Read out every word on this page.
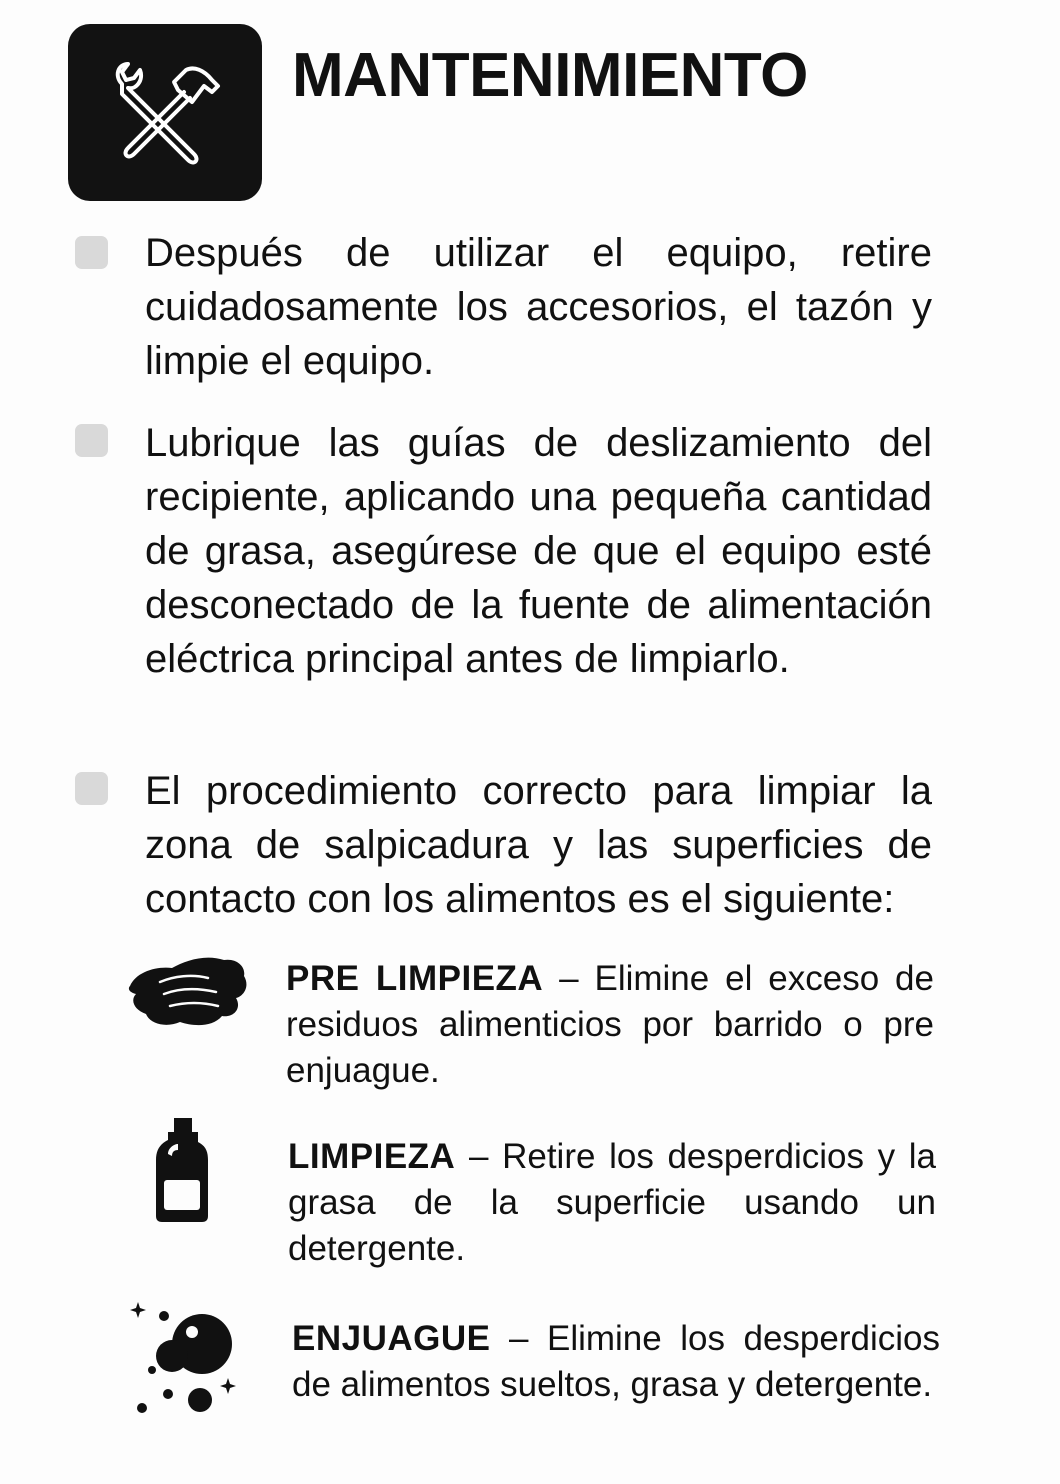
MANTENIMIENTO

Después de utilizar el equipo, retire cuidadosamente los accesorios, el tazón y limpie el equipo.

Lubrique las guías de deslizamiento del recipiente, aplicando una pequeña cantidad de grasa, asegúrese de que el equipo esté desconectado de la fuente de alimentación eléctrica principal antes de limpiarlo.

El procedimiento correcto para limpiar la zona de salpicadura y las superficies de contacto con los alimentos es el siguiente:

PRE LIMPIEZA – Elimine el exceso de residuos alimenticios por barrido o pre enjuague.

LIMPIEZA – Retire los desperdicios y la grasa de la superficie usando un detergente.

ENJUAGUE – Elimine los desperdicios de alimentos sueltos, grasa y detergente.
